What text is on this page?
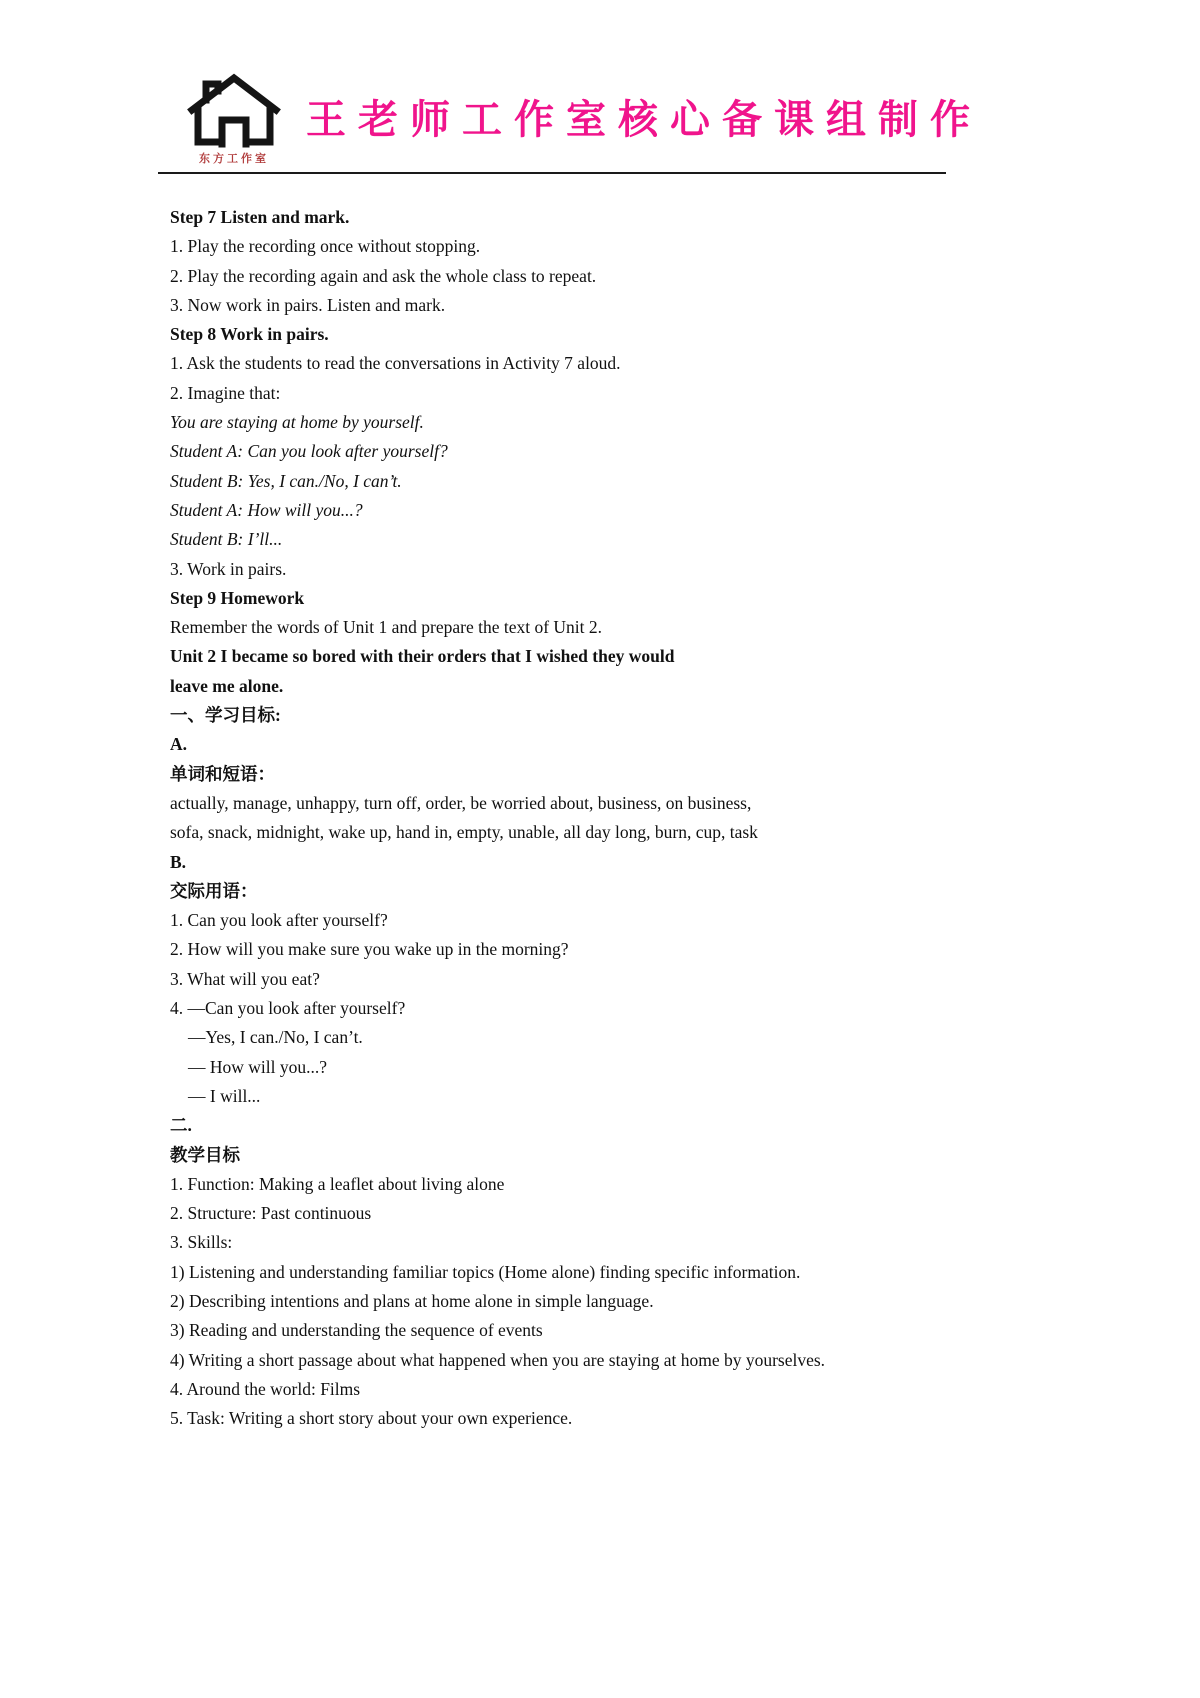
东方工作室
王老师工作室核心备课组制作
Step 7 Listen and mark.
1. Play the recording once without stopping.
2. Play the recording again and ask the whole class to repeat.
3. Now work in pairs. Listen and mark.
Step 8 Work in pairs.
1. Ask the students to read the conversations in Activity 7 aloud.
2. Imagine that:
You are staying at home by yourself.
Student A: Can you look after yourself?
Student B: Yes, I can./No, I can’t.
Student A: How will you...?
Student B: I’ll...
3. Work in pairs.
Step 9 Homework
Remember the words of Unit 1 and prepare the text of Unit 2.
Unit 2 I became so bored with their orders that I wished they would
leave me alone.
一、学习目标:
A.
单词和短语：
actually, manage, unhappy, turn off, order, be worried about, business, on business,
sofa, snack, midnight, wake up, hand in, empty, unable, all day long, burn, cup, task
B.
交际用语：
1. Can you look after yourself?
2. How will you make sure you wake up in the morning?
3. What will you eat?
4. —Can you look after yourself?
—Yes, I can./No, I can’t.
— How will you...?
— I will...
二.
教学目标
1. Function: Making a leaflet about living alone
2. Structure: Past continuous
3. Skills:
1) Listening and understanding familiar topics (Home alone) finding specific information.
2) Describing intentions and plans at home alone in simple language.
3) Reading and understanding the sequence of events
4) Writing a short passage about what happened when you are staying at home by yourselves.
4. Around the world: Films
5. Task: Writing a short story about your own experience.
